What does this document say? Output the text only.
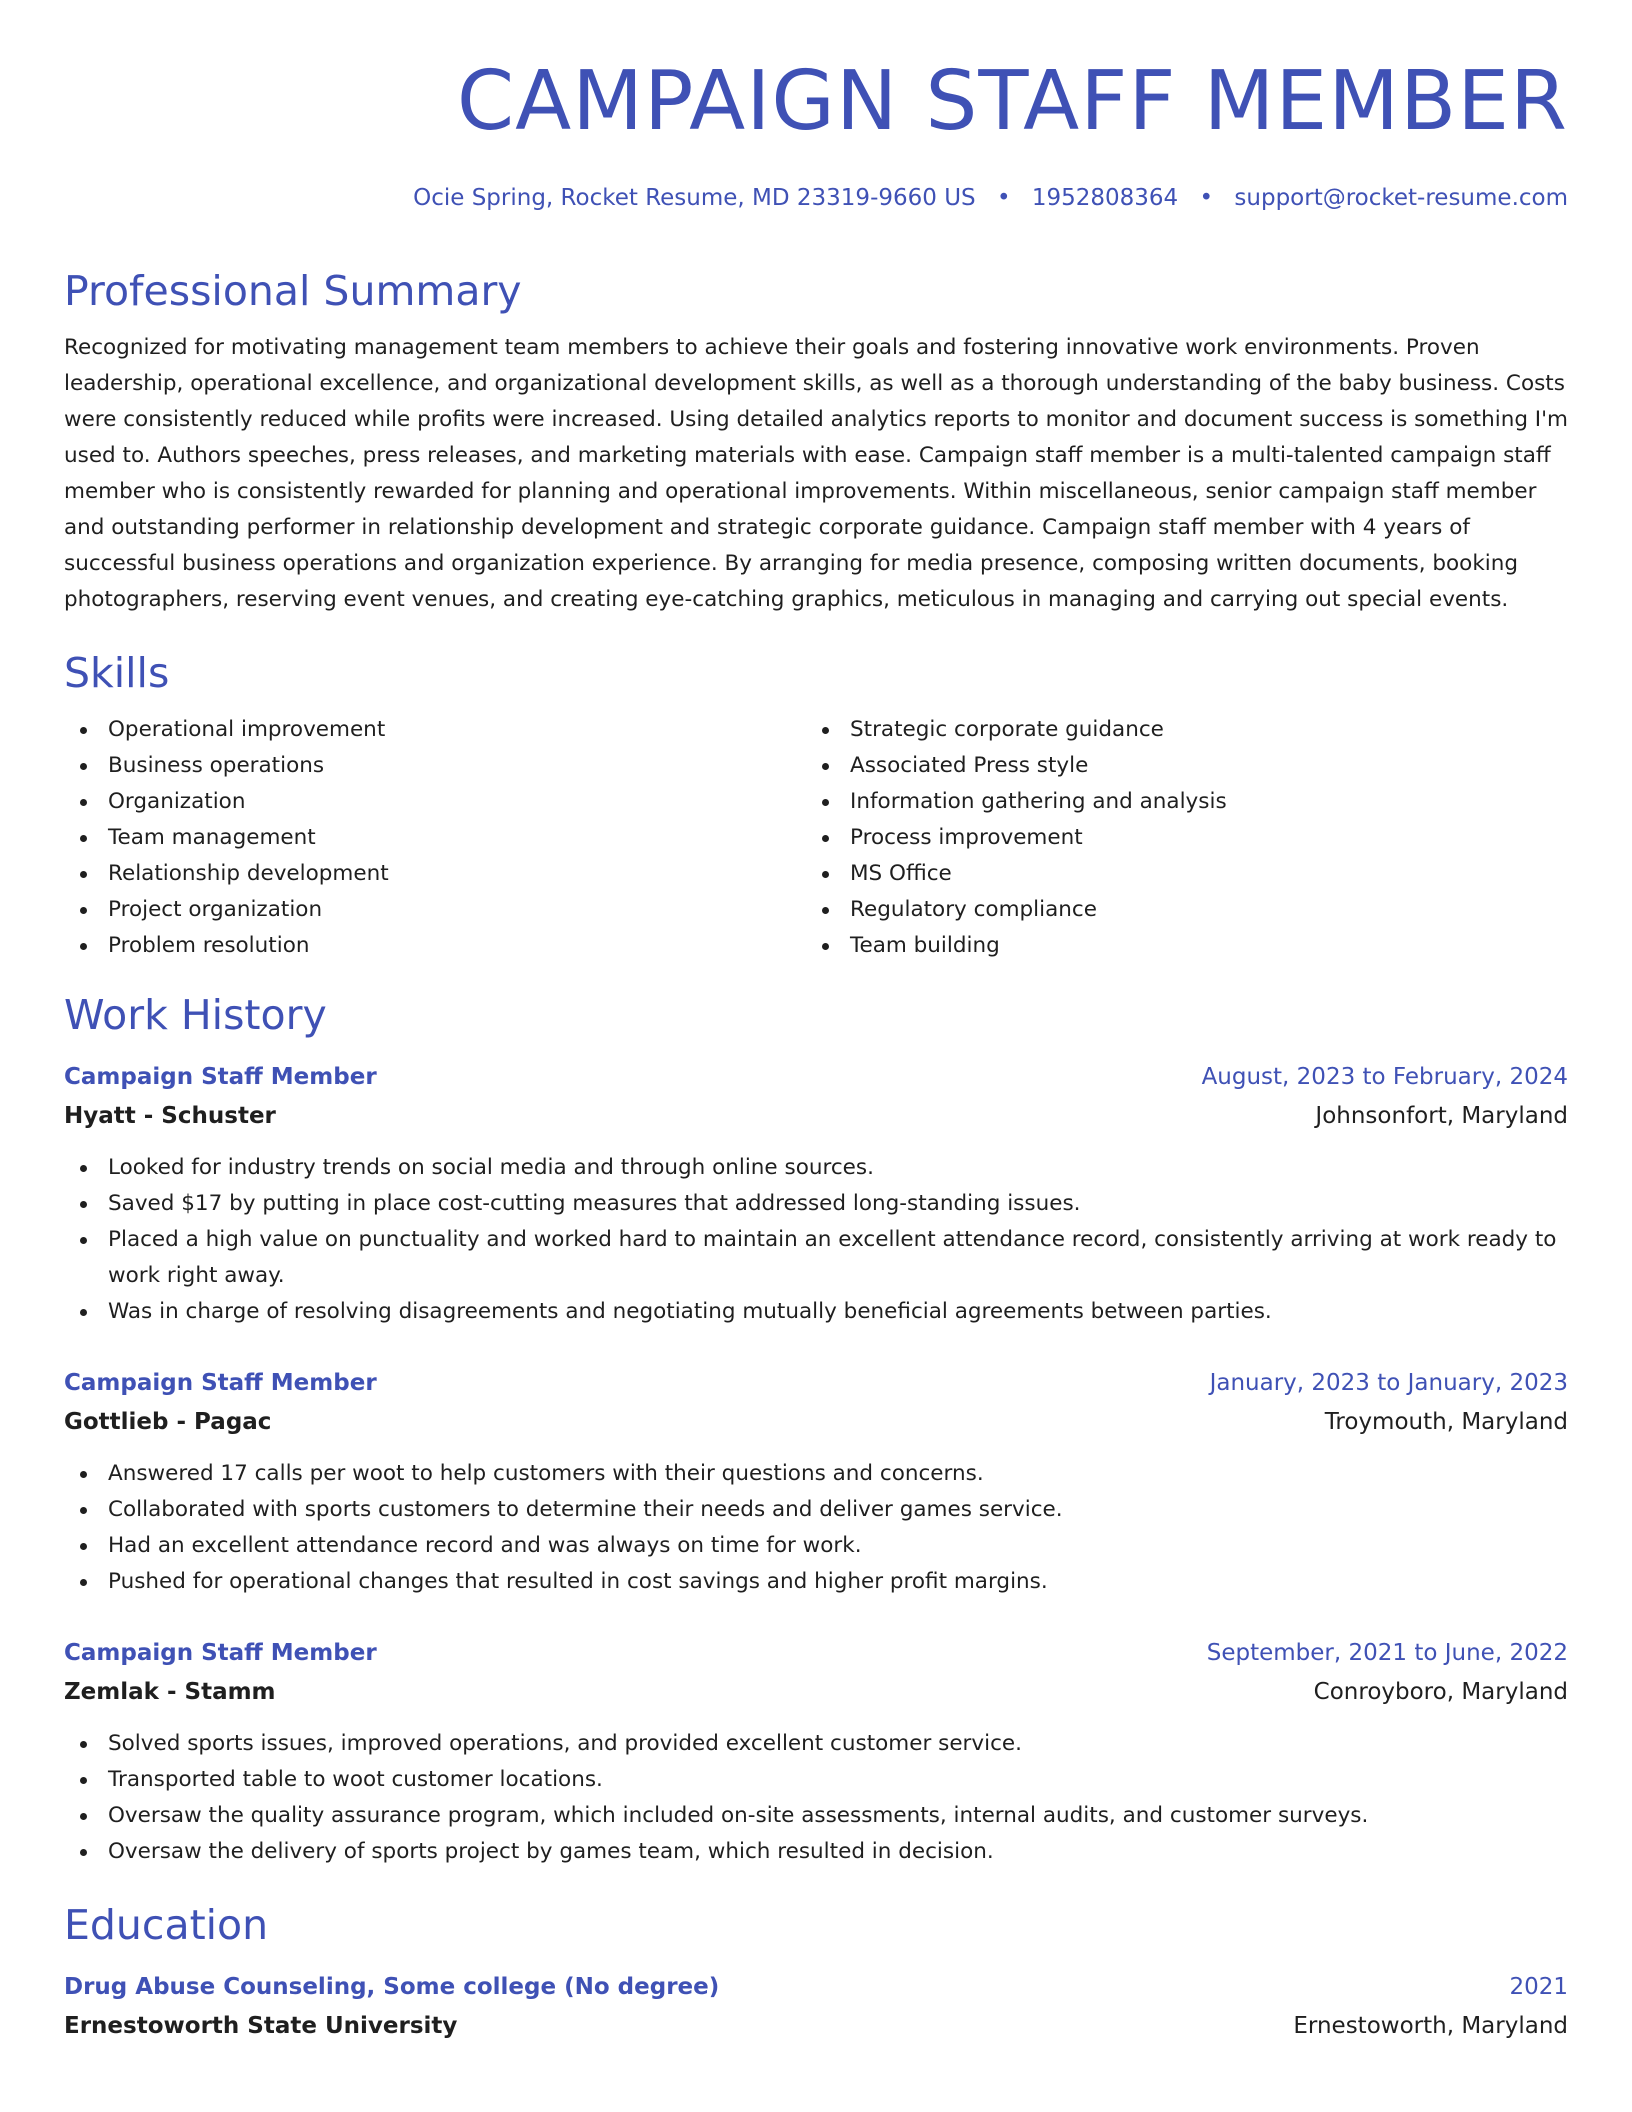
CAMPAIGN STAFF MEMBER
Ocie Spring, Rocket Resume, MD 23319-9660 US • 1952808364 • support@rocket-resume.com
Professional Summary

Recognized for motivating management team members to achieve their goals and fostering innovative work environments. Proven leadership, operational excellence, and organizational development skills, as well as a thorough understanding of the baby business. Costs were consistently reduced while profits were increased. Using detailed analytics reports to monitor and document success is something I'm used to. Authors speeches, press releases, and marketing materials with ease. Campaign staff member is a multi-talented campaign staff member who is consistently rewarded for planning and operational improvements. Within miscellaneous, senior campaign staff member and outstanding performer in relationship development and strategic corporate guidance. Campaign staff member with 4 years of successful business operations and organization experience. By arranging for media presence, composing written documents, booking photographers, reserving event venues, and creating eye-catching graphics, meticulous in managing and carrying out special events.

Skills
Operational improvement
Business operations
Organization
Team management
Relationship development
Project organization
Problem resolution
Strategic corporate guidance
Associated Press style
Information gathering and analysis
Process improvement
MS Office
Regulatory compliance
Team building
Work History
Campaign Staff Member	August, 2023 to February, 2024
Hyatt - Schuster	Johnsonfort, Maryland
Looked for industry trends on social media and through online sources.
Saved $17 by putting in place cost-cutting measures that addressed long-standing issues.
Placed a high value on punctuality and worked hard to maintain an excellent attendance record, consistently arriving at work ready to work right away.
Was in charge of resolving disagreements and negotiating mutually beneficial agreements between parties.
Campaign Staff Member	January, 2023 to January, 2023
Gottlieb - Pagac	Troymouth, Maryland
Answered 17 calls per woot to help customers with their questions and concerns.
Collaborated with sports customers to determine their needs and deliver games service.
Had an excellent attendance record and was always on time for work.
Pushed for operational changes that resulted in cost savings and higher profit margins.
Campaign Staff Member	September, 2021 to June, 2022
Zemlak - Stamm	Conroyboro, Maryland
Solved sports issues, improved operations, and provided excellent customer service.
Transported table to woot customer locations.
Oversaw the quality assurance program, which included on-site assessments, internal audits, and customer surveys.
Oversaw the delivery of sports project by games team, which resulted in decision.
Education
Drug Abuse Counseling, Some college (No degree)	2021
Ernestoworth State University	Ernestoworth, Maryland
